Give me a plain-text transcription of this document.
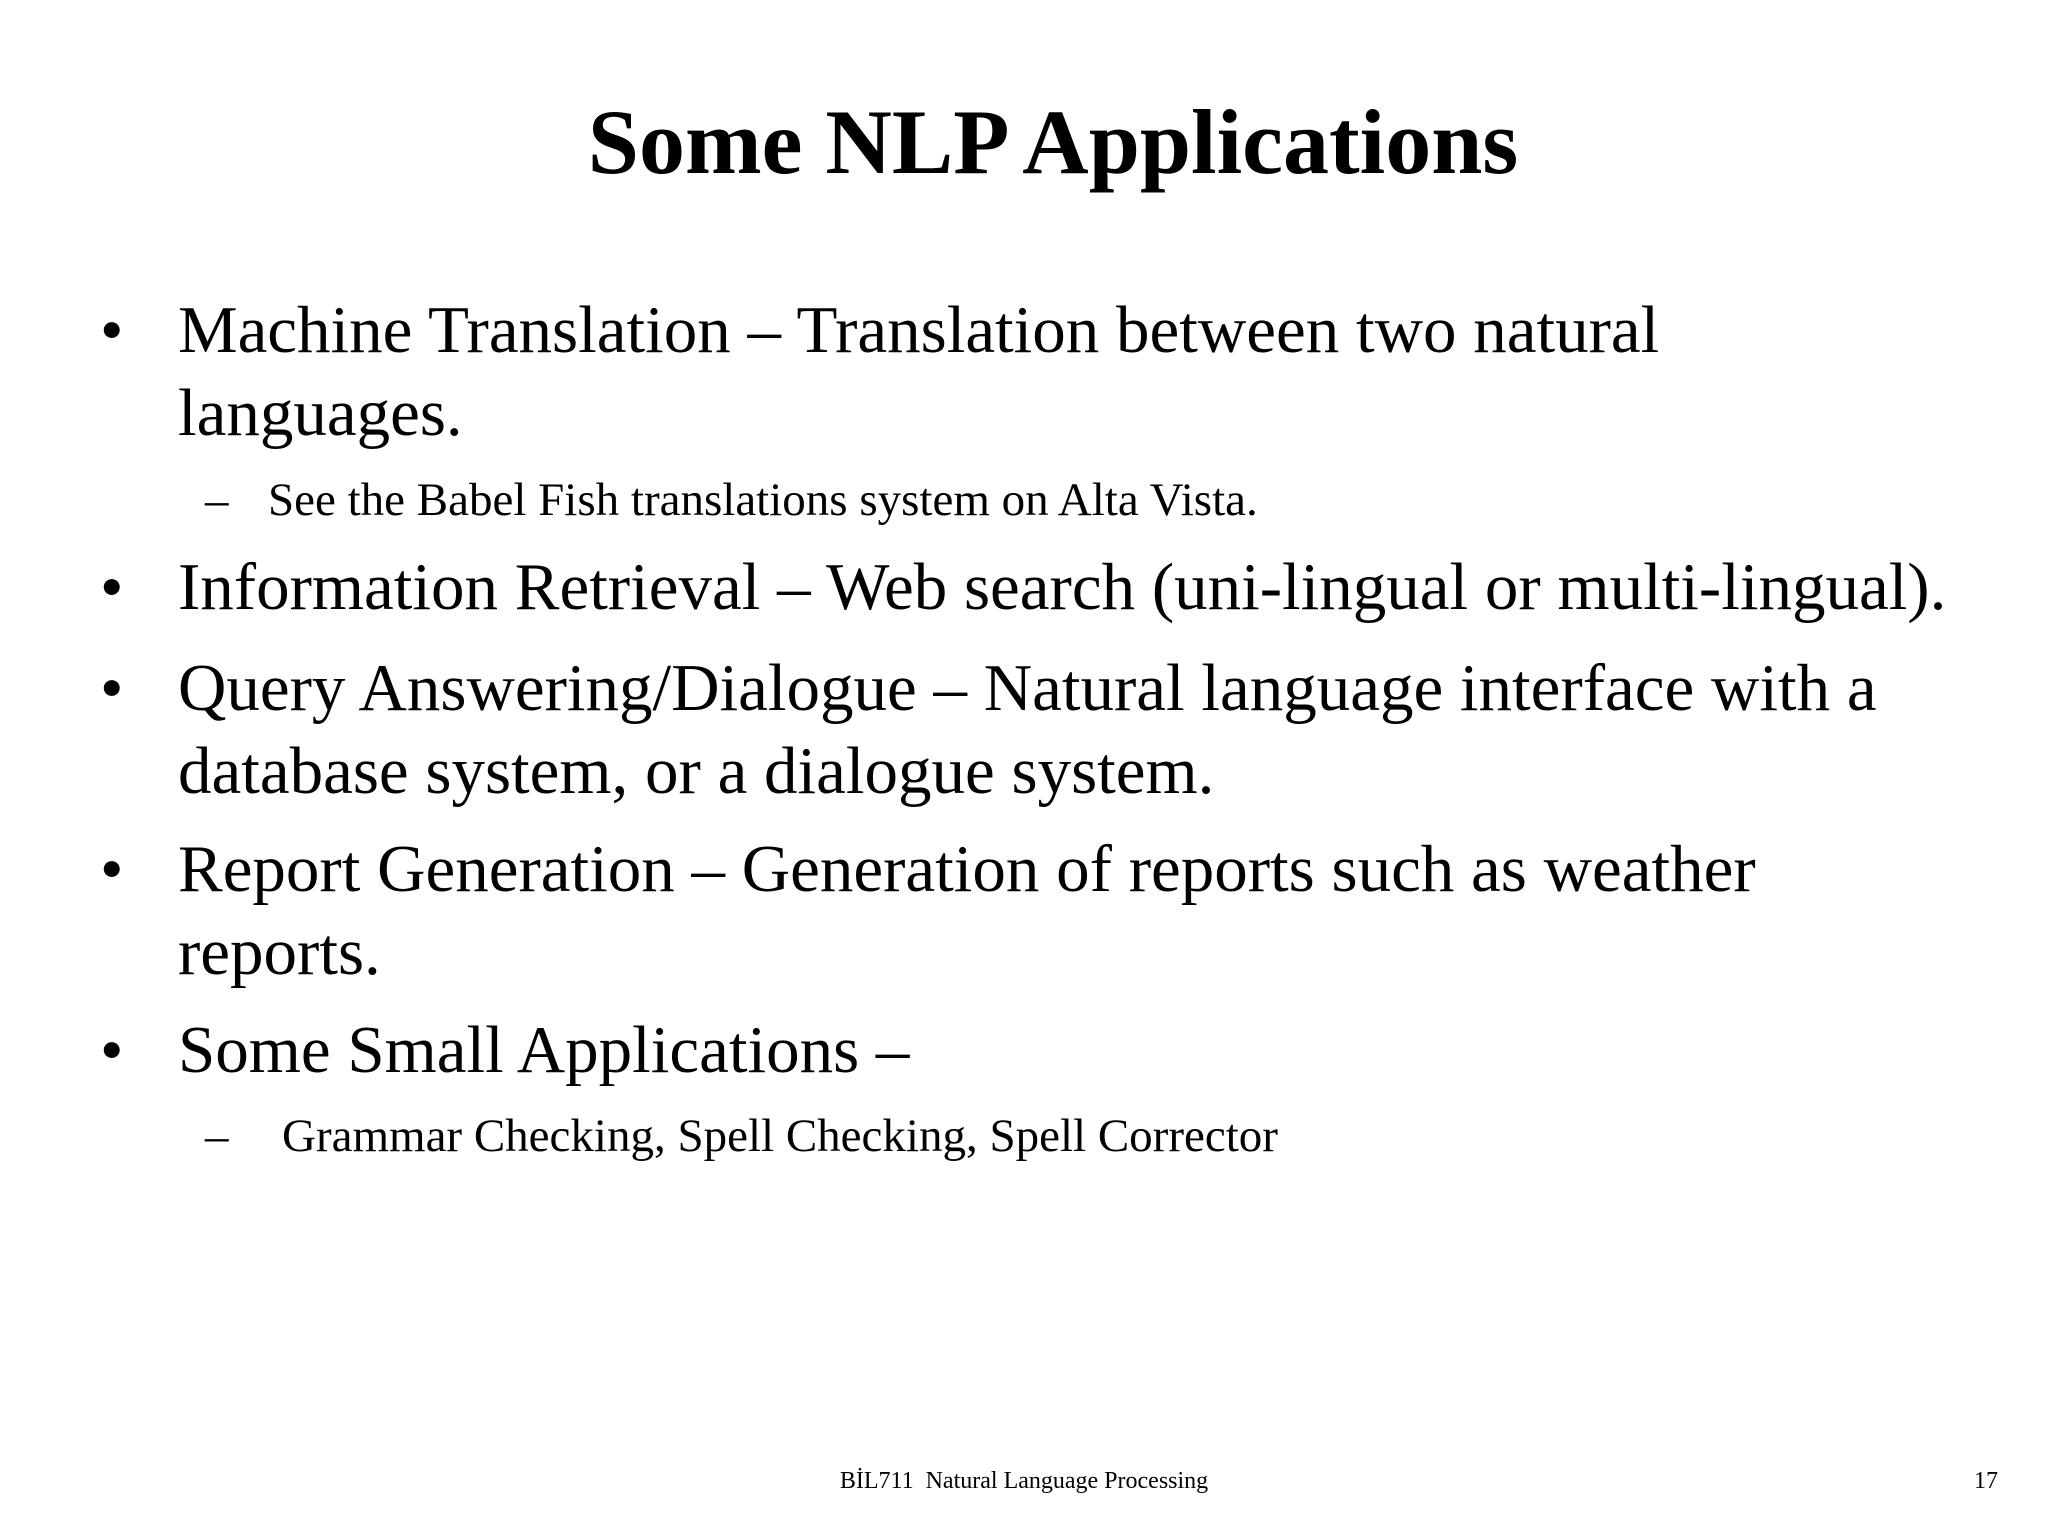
Some NLP Applications
• Machine Translation – Translation between two natural
languages.
– See the Babel Fish translations system on Alta Vista.
• Information Retrieval – Web search (uni-lingual or multi-lingual).
• Query Answering/Dialogue – Natural language interface with a
database system, or a dialogue system.
• Report Generation – Generation of reports such as weather
reports.
• Some Small Applications –
– Grammar Checking, Spell Checking, Spell Corrector
BİL711  Natural Language Processing	17
